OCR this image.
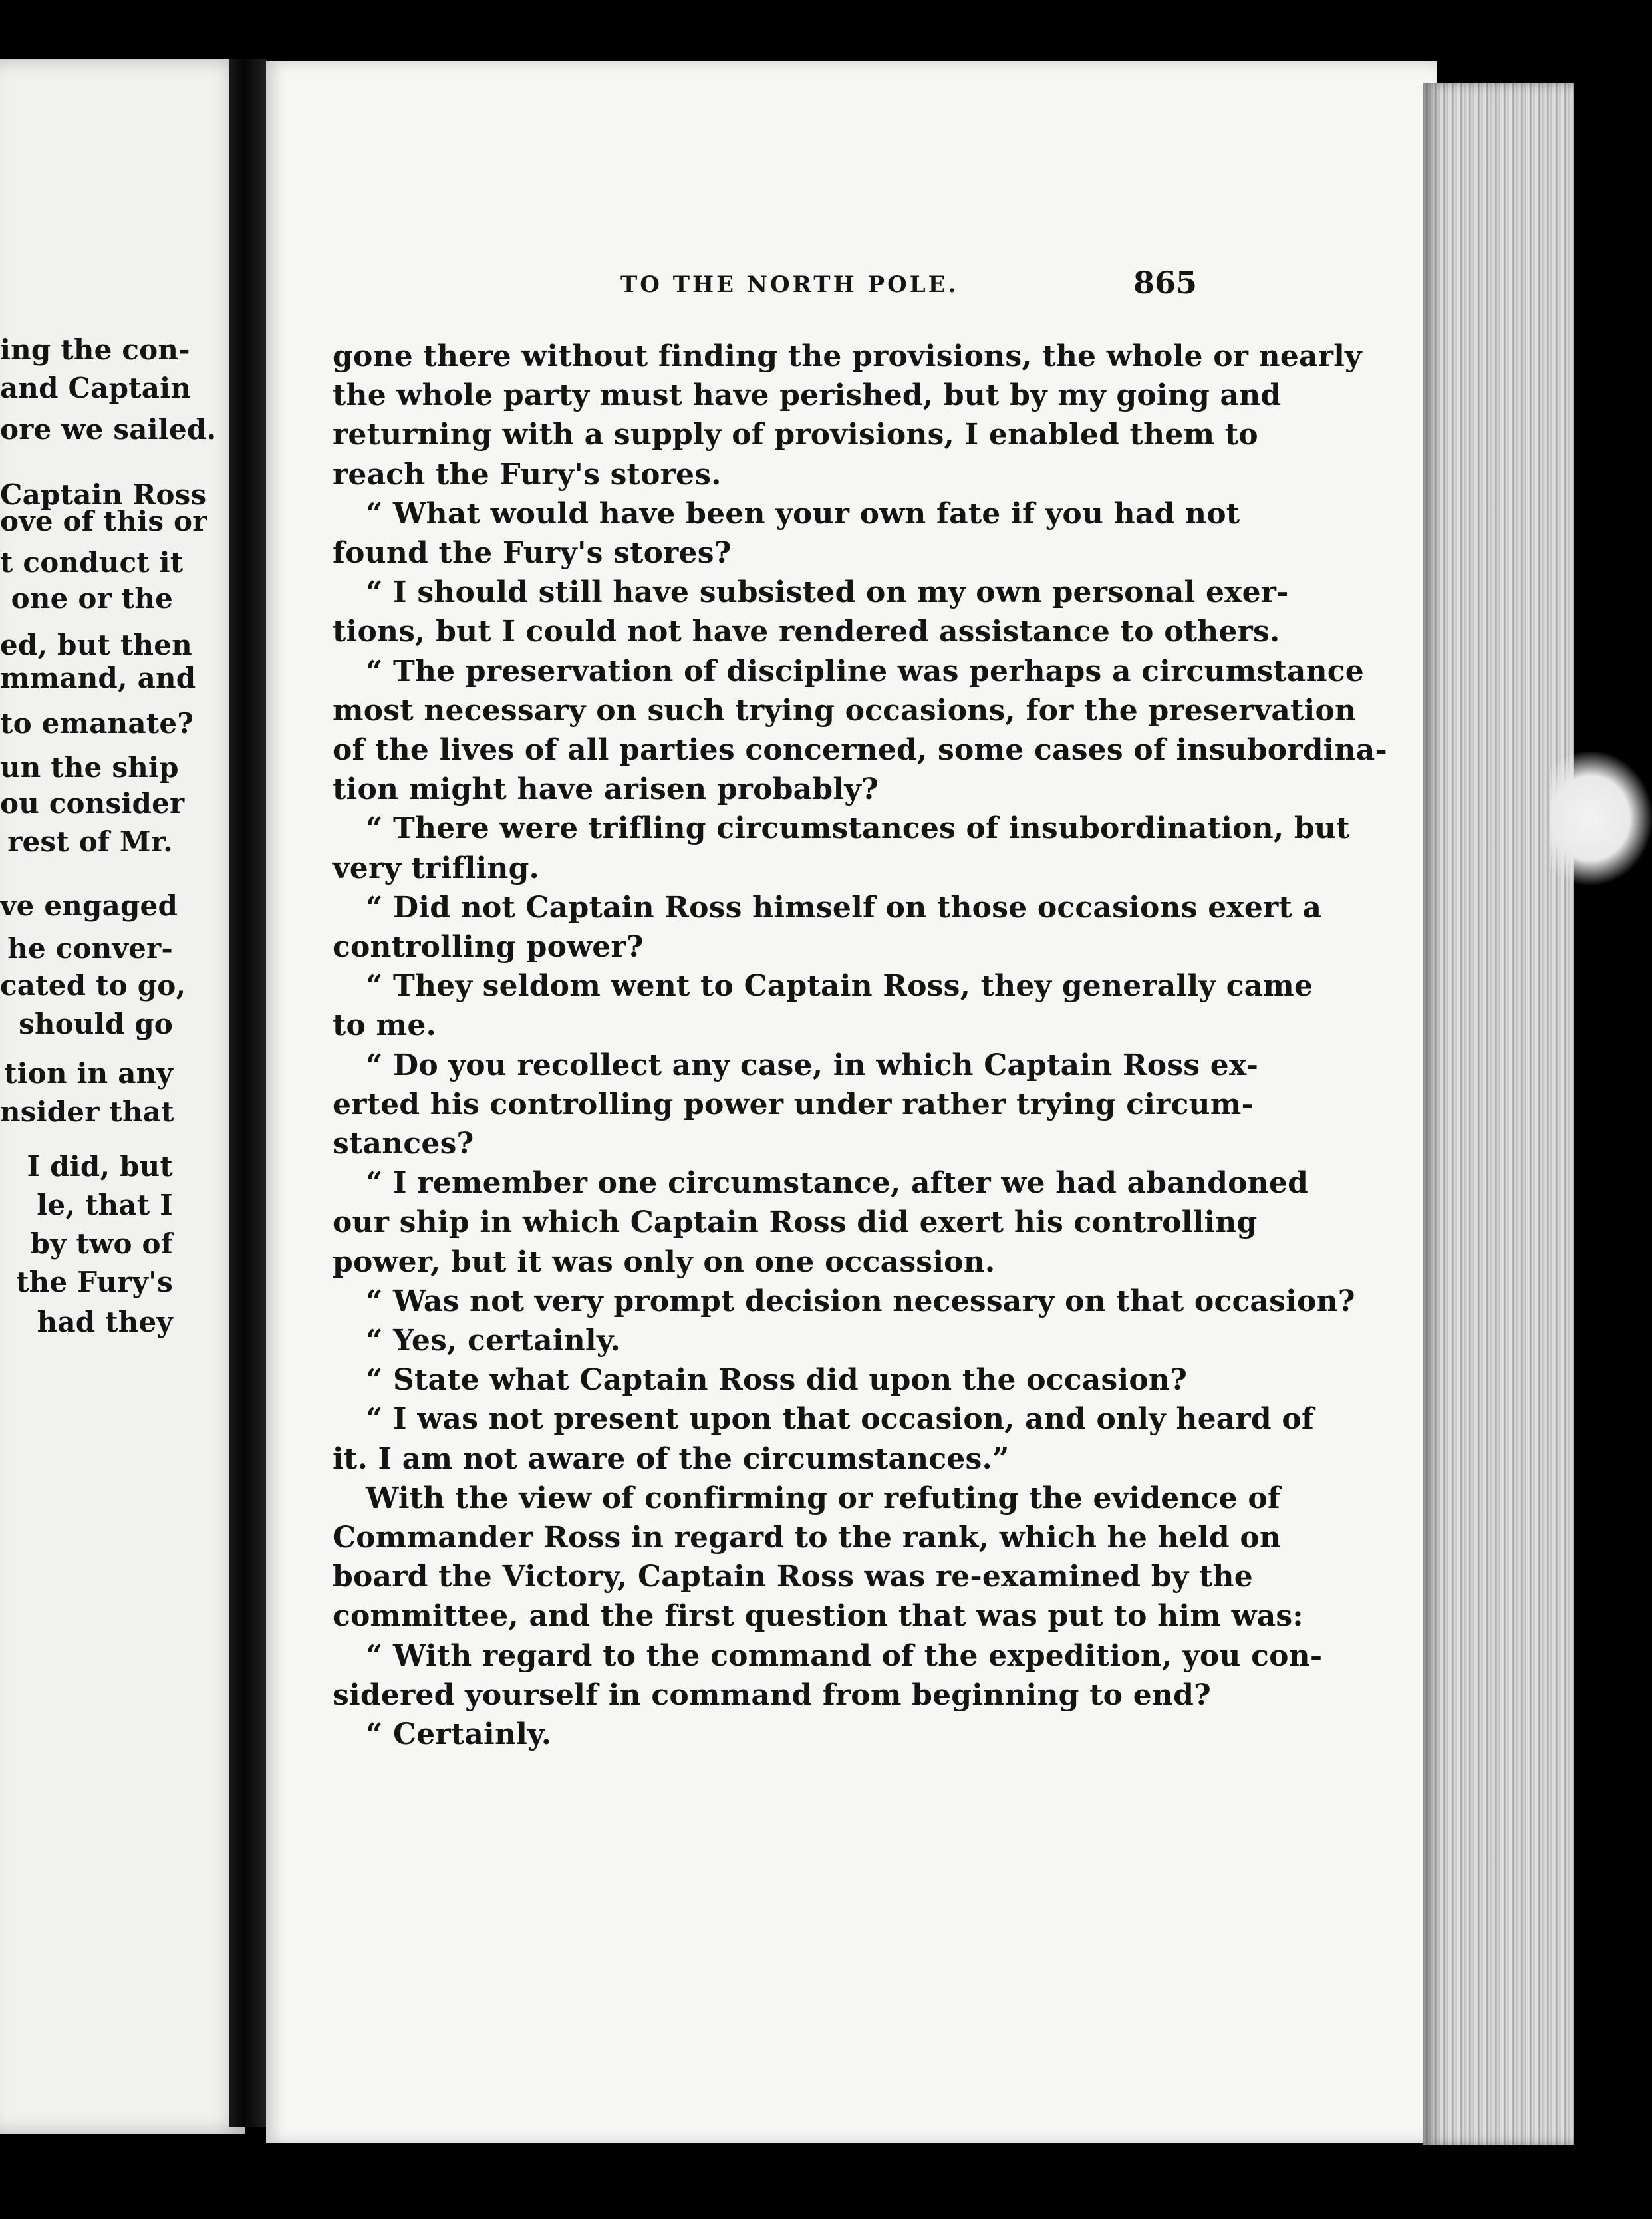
TO THE NORTH POLE.	865
ing the con-
and Captain
ore we sailed.
Captain Ross
ove of this or
t conduct it
one or the
ed, but then
mmand, and
to emanate?
un the ship
ou consider
rest of Mr.
ve engaged
he conver-
cated to go,
should go
tion in any
nsider that
I did, but
le, that I
by two of
the Fury's
had they
gone there without finding the provisions, the whole or nearly
the whole party must have perished, but by my going and
returning with a supply of provisions, I enabled them to
reach the Fury's stores.
“ What would have been your own fate if you had not
found the Fury's stores?
“ I should still have subsisted on my own personal exer-
tions, but I could not have rendered assistance to others.
“ The preservation of discipline was perhaps a circumstance
most necessary on such trying occasions, for the preservation
of the lives of all parties concerned, some cases of insubordina-
tion might have arisen probably?
“ There were trifling circumstances of insubordination, but
very trifling.
“ Did not Captain Ross himself on those occasions exert a
controlling power?
“ They seldom went to Captain Ross, they generally came
to me.
“ Do you recollect any case, in which Captain Ross ex-
erted his controlling power under rather trying circum-
stances?
“ I remember one circumstance, after we had abandoned
our ship in which Captain Ross did exert his controlling
power, but it was only on one occassion.
“ Was not very prompt decision necessary on that occasion?
“ Yes, certainly.
“ State what Captain Ross did upon the occasion?
“ I was not present upon that occasion, and only heard of
it. I am not aware of the circumstances.”
With the view of confirming or refuting the evidence of
Commander Ross in regard to the rank, which he held on
board the Victory, Captain Ross was re-examined by the
committee, and the first question that was put to him was:
“ With regard to the command of the expedition, you con-
sidered yourself in command from beginning to end?
“ Certainly.
